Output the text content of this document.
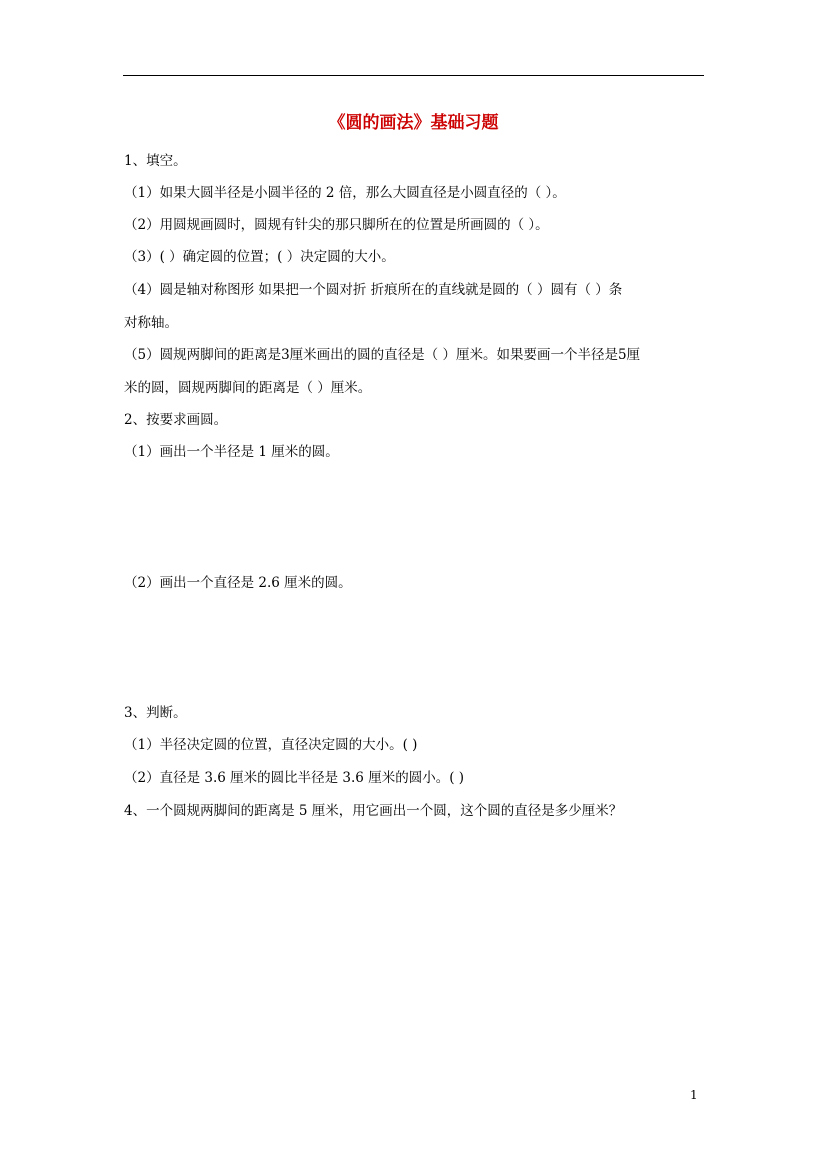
《圆的画法》基础习题
1、填空。
（1）如果大圆半径是小圆半径的 2 倍，那么大圆直径是小圆直径的（ ）。
（2）用圆规画圆时，圆规有针尖的那只脚所在的位置是所画圆的（ ）。
（3）( ）确定圆的位置；( ）决定圆的大小。
（4）圆是轴对称图形 如果把一个圆对折 折痕所在的直线就是圆的（ ）圆有（ ）条
对称轴。
（5）圆规两脚间的距离是3厘米画出的圆的直径是（ ）厘米。如果要画一个半径是5厘
米的圆，圆规两脚间的距离是（ ）厘米。
2、按要求画圆。
（1）画出一个半径是 1 厘米的圆。
（2）画出一个直径是 2.6 厘米的圆。
3、判断。
（1）半径决定圆的位置，直径决定圆的大小。( )
（2）直径是 3.6 厘米的圆比半径是 3.6 厘米的圆小。( )
4、一个圆规两脚间的距离是 5 厘米，用它画出一个圆，这个圆的直径是多少厘米？
1
